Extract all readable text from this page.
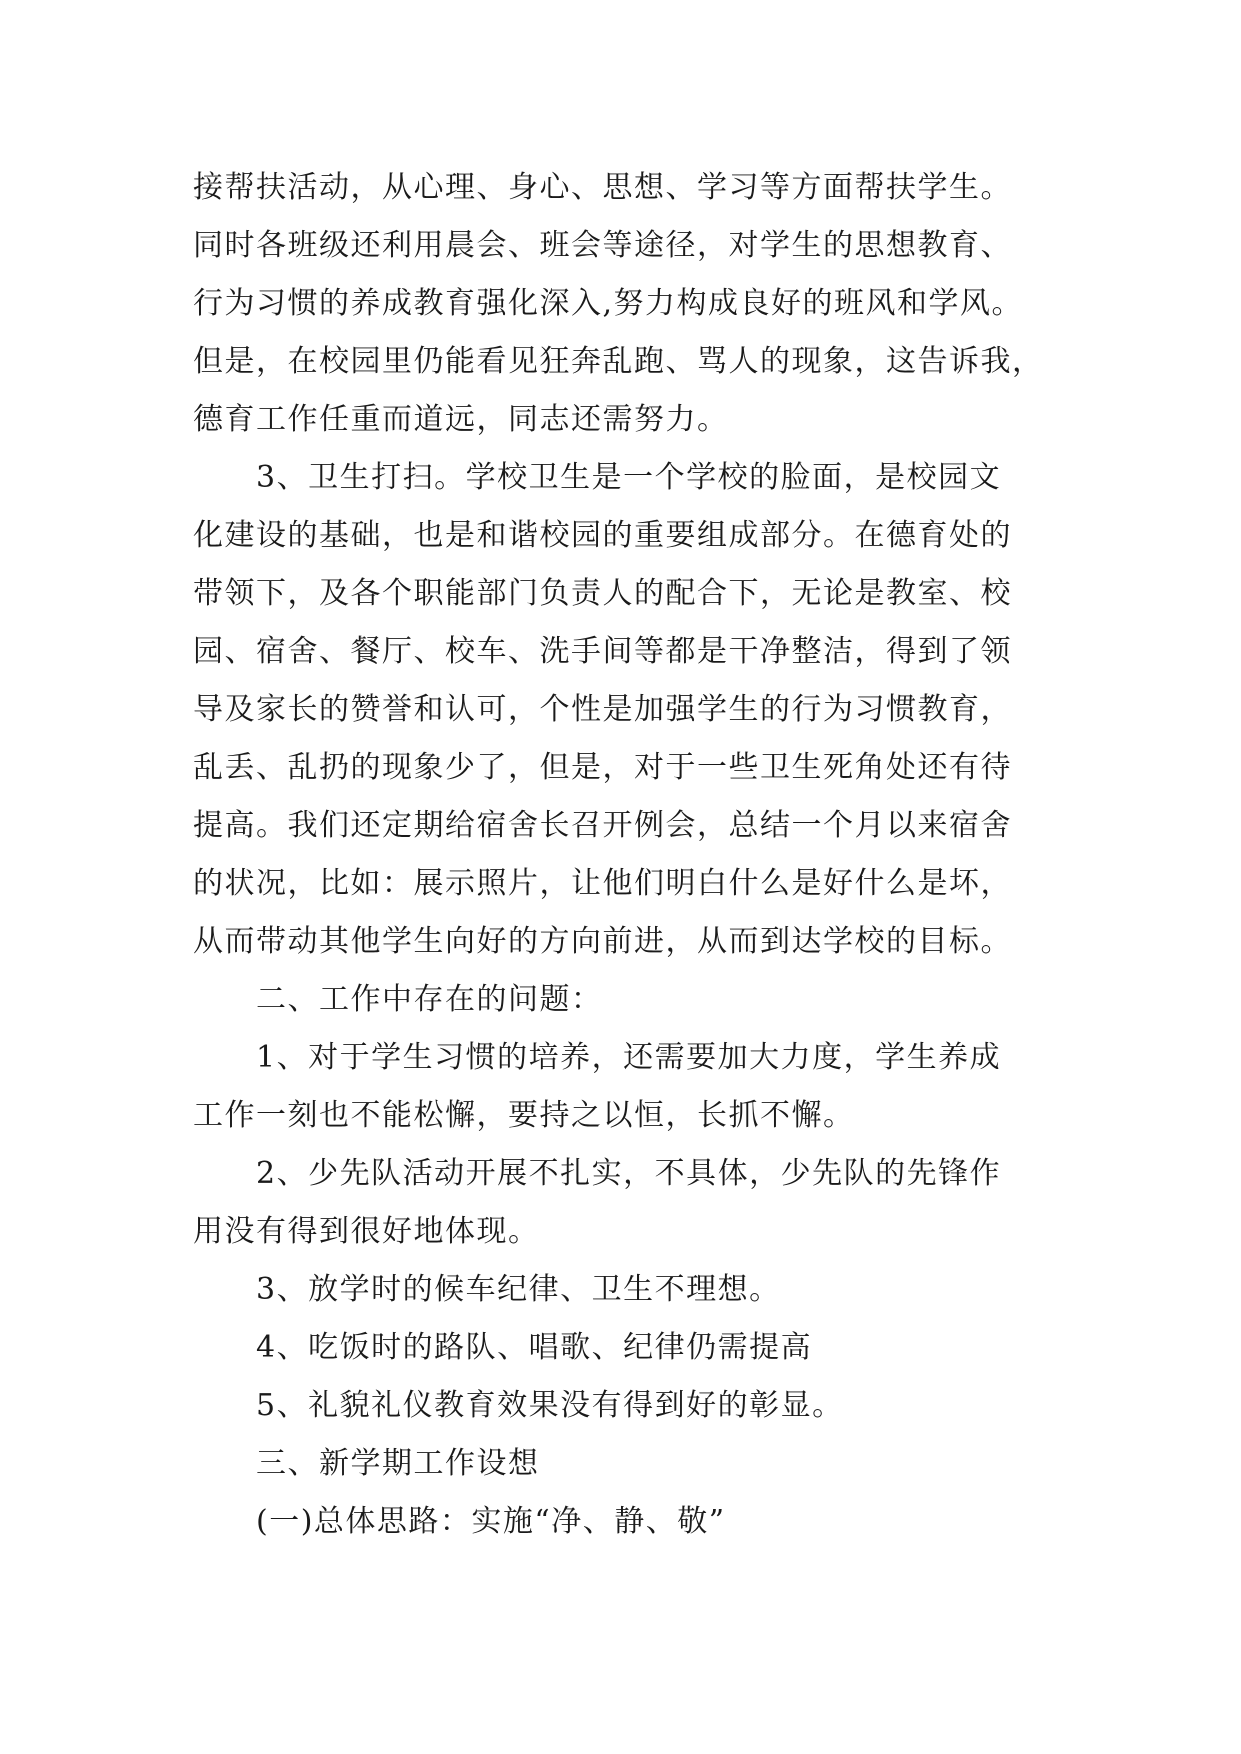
接帮扶活动，从心理、身心、思想、学习等方面帮扶学生。
同时各班级还利用晨会、班会等途径，对学生的思想教育、
行为习惯的养成教育强化深入,努力构成良好的班风和学风。
但是，在校园里仍能看见狂奔乱跑、骂人的现象，这告诉我，
德育工作任重而道远，同志还需努力。
3、卫生打扫。学校卫生是一个学校的脸面，是校园文
化建设的基础，也是和谐校园的重要组成部分。在德育处的
带领下，及各个职能部门负责人的配合下，无论是教室、校
园、宿舍、餐厅、校车、洗手间等都是干净整洁，得到了领
导及家长的赞誉和认可，个性是加强学生的行为习惯教育，
乱丢、乱扔的现象少了，但是，对于一些卫生死角处还有待
提高。我们还定期给宿舍长召开例会，总结一个月以来宿舍
的状况，比如：展示照片，让他们明白什么是好什么是坏，
从而带动其他学生向好的方向前进，从而到达学校的目标。
二、工作中存在的问题：
1、对于学生习惯的培养，还需要加大力度，学生养成
工作一刻也不能松懈，要持之以恒，长抓不懈。
2、少先队活动开展不扎实，不具体，少先队的先锋作
用没有得到很好地体现。
3、放学时的候车纪律、卫生不理想。
4、吃饭时的路队、唱歌、纪律仍需提高
5、礼貌礼仪教育效果没有得到好的彰显。
三、新学期工作设想
(一)总体思路：实施“净、静、敬”
